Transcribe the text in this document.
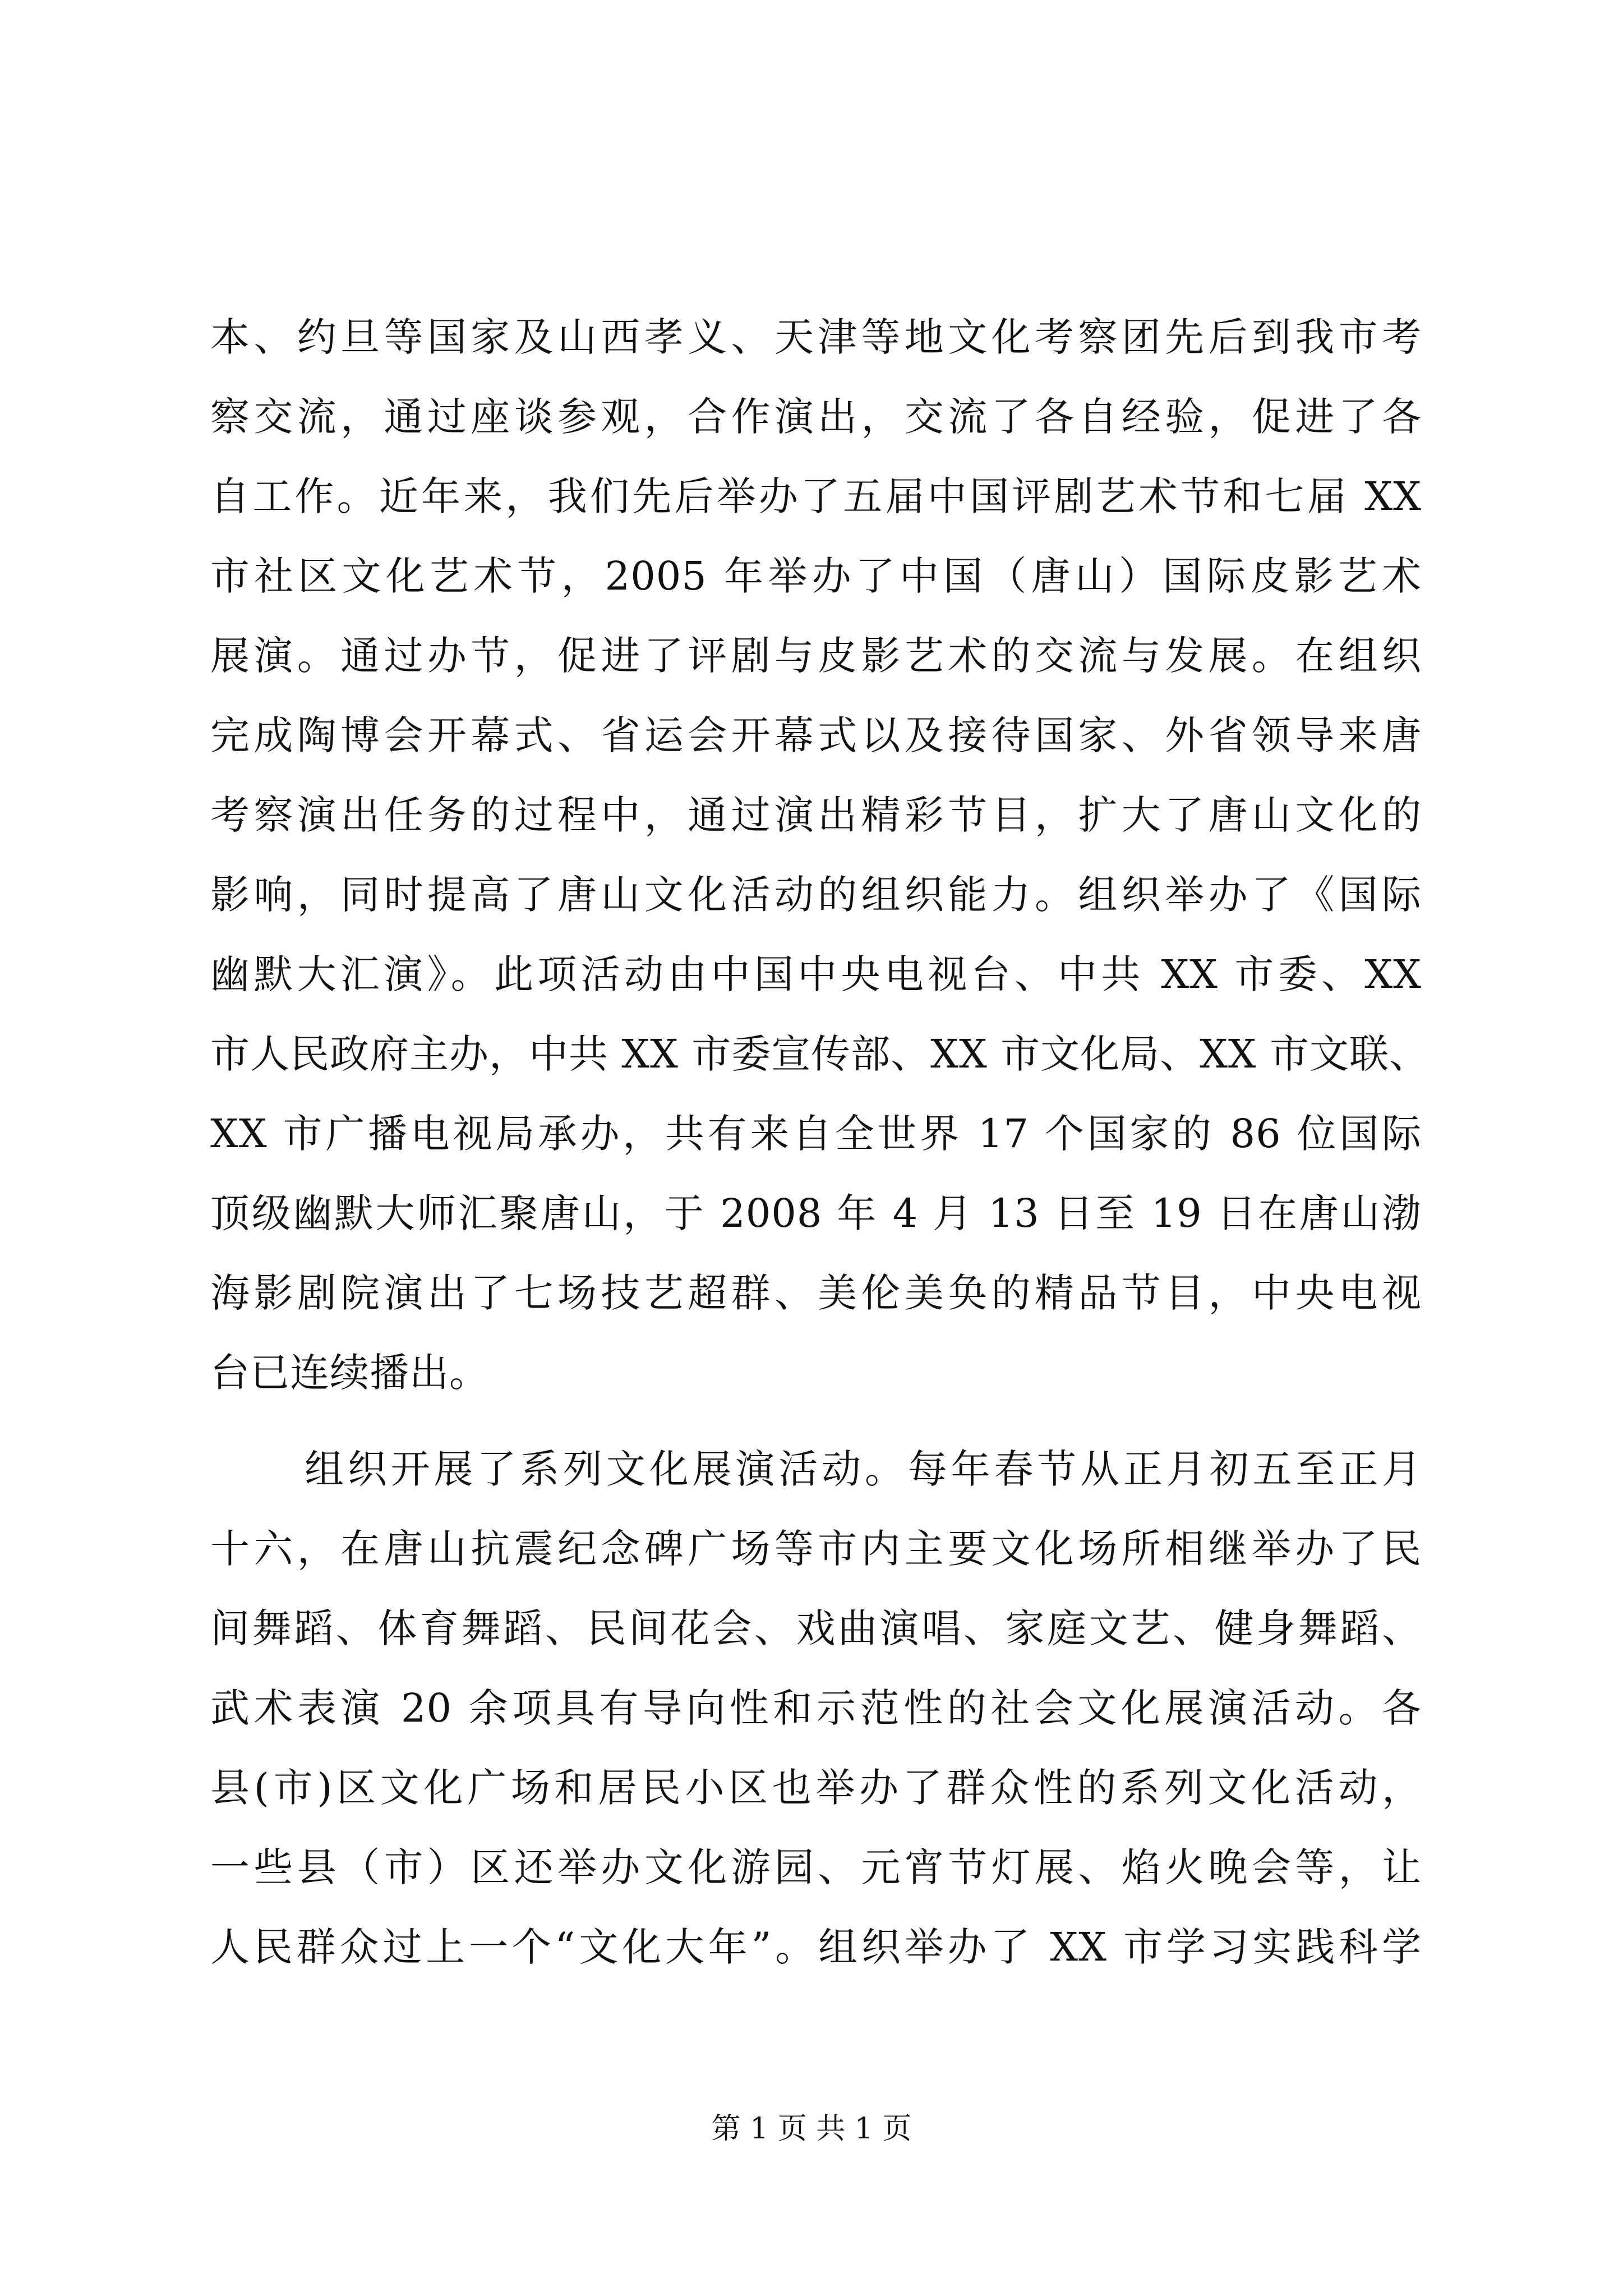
本、约旦等国家及山西孝义、天津等地文化考察团先后到我市考
察交流，通过座谈参观，合作演出，交流了各自经验，促进了各
自工作。近年来，我们先后举办了五届中国评剧艺术节和七届 XX
市社区文化艺术节，2005 年举办了中国（唐山）国际皮影艺术
展演。通过办节，促进了评剧与皮影艺术的交流与发展。在组织
完成陶博会开幕式、省运会开幕式以及接待国家、外省领导来唐
考察演出任务的过程中，通过演出精彩节目，扩大了唐山文化的
影响，同时提高了唐山文化活动的组织能力。组织举办了《国际
幽默大汇演》。此项活动由中国中央电视台、中共 XX 市委、XX
市人民政府主办，中共 XX 市委宣传部、XX 市文化局、XX 市文联、
XX 市广播电视局承办，共有来自全世界 17 个国家的 86 位国际
顶级幽默大师汇聚唐山，于 2008 年 4 月 13 日至 19 日在唐山渤
海影剧院演出了七场技艺超群、美伦美奂的精品节目，中央电视
台已连续播出。
组织开展了系列文化展演活动。每年春节从正月初五至正月
十六，在唐山抗震纪念碑广场等市内主要文化场所相继举办了民
间舞蹈、体育舞蹈、民间花会、戏曲演唱、家庭文艺、健身舞蹈、
武术表演 20 余项具有导向性和示范性的社会文化展演活动。各
县(市)区文化广场和居民小区也举办了群众性的系列文化活动，
一些县（市）区还举办文化游园、元宵节灯展、焰火晚会等，让
人民群众过上一个“文化大年”。组织举办了 XX 市学习实践科学
第 1 页 共 1 页
